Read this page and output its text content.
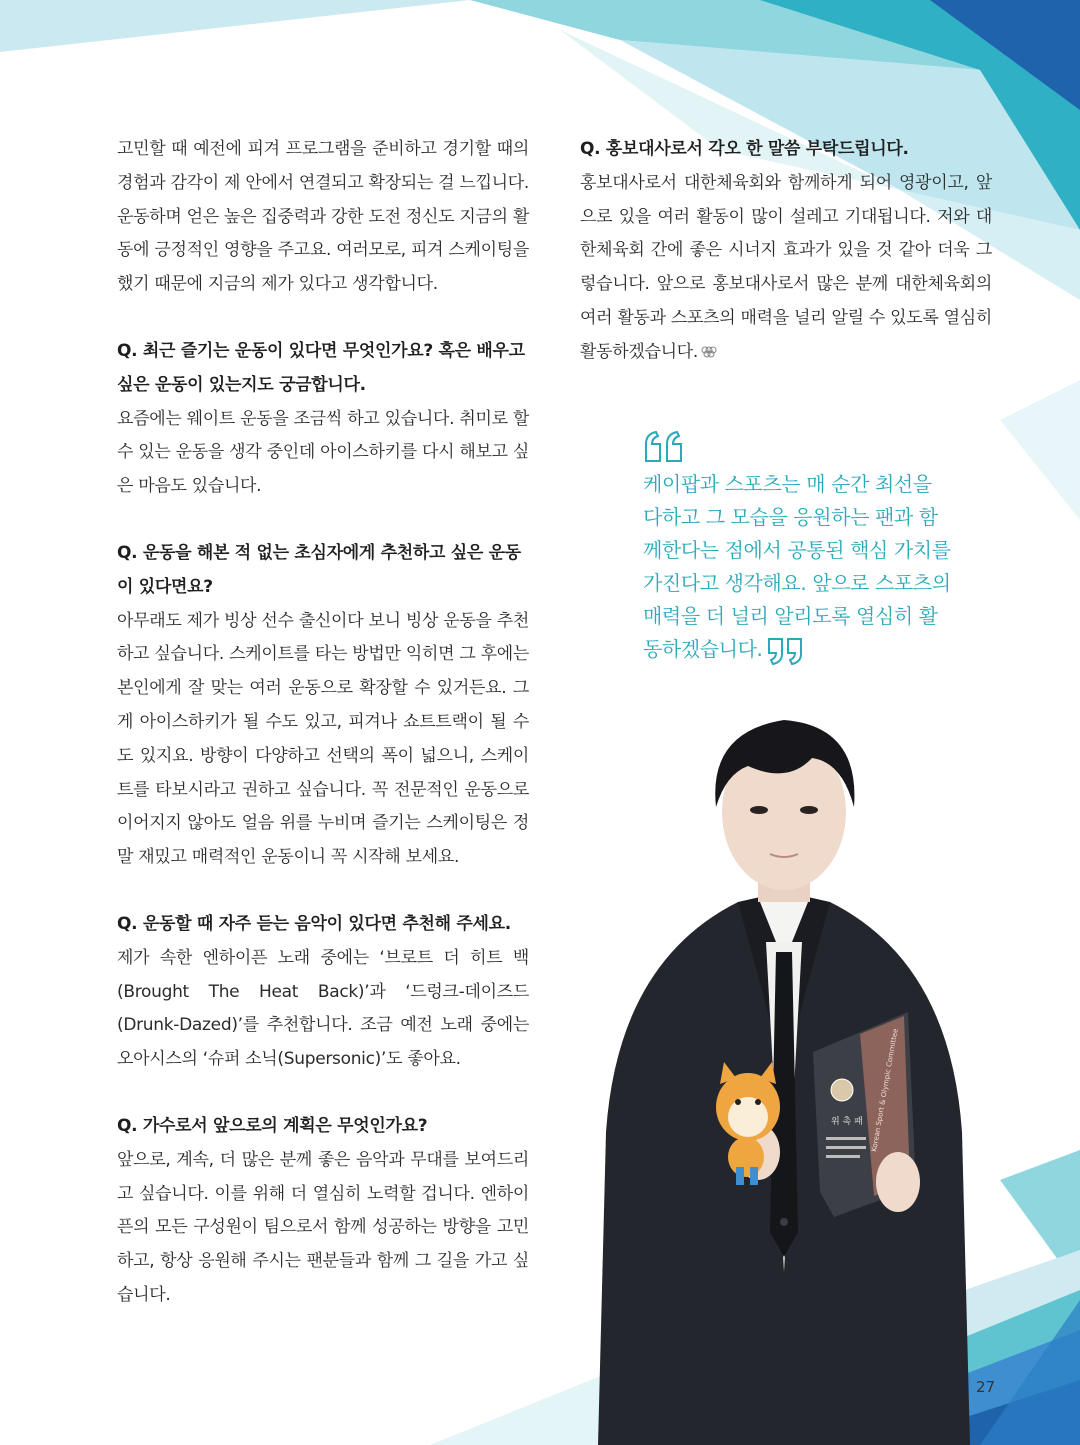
고민할 때 예전에 피겨 프로그램을 준비하고 경기할 때의 경험과 감각이 제 안에서 연결되고 확장되는 걸 느낍니다. 운동하며 얻은 높은 집중력과 강한 도전 정신도 지금의 활동에 긍정적인 영향을 주고요. 여러모로, 피겨 스케이팅을 했기 때문에 지금의 제가 있다고 생각합니다.

Q. 최근 즐기는 운동이 있다면 무엇인가요? 혹은 배우고 싶은 운동이 있는지도 궁금합니다.

요즘에는 웨이트 운동을 조금씩 하고 있습니다. 취미로 할 수 있는 운동을 생각 중인데 아이스하키를 다시 해보고 싶은 마음도 있습니다.

Q. 운동을 해본 적 없는 초심자에게 추천하고 싶은 운동이 있다면요?

아무래도 제가 빙상 선수 출신이다 보니 빙상 운동을 추천하고 싶습니다. 스케이트를 타는 방법만 익히면 그 후에는 본인에게 잘 맞는 여러 운동으로 확장할 수 있거든요. 그게 아이스하키가 될 수도 있고, 피겨나 쇼트트랙이 될 수도 있지요. 방향이 다양하고 선택의 폭이 넓으니, 스케이트를 타보시라고 권하고 싶습니다. 꼭 전문적인 운동으로 이어지지 않아도 얼음 위를 누비며 즐기는 스케이팅은 정말 재밌고 매력적인 운동이니 꼭 시작해 보세요.

Q. 운동할 때 자주 듣는 음악이 있다면 추천해 주세요.

제가 속한 엔하이픈 노래 중에는 ‘브로트 더 히트 백(Brought The Heat Back)’과 ‘드렁크-데이즈드(Drunk-Dazed)’를 추천합니다. 조금 예전 노래 중에는 오아시스의 ‘슈퍼 소닉(Supersonic)’도 좋아요.

Q. 가수로서 앞으로의 계획은 무엇인가요?

앞으로, 계속, 더 많은 분께 좋은 음악과 무대를 보여드리고 싶습니다. 이를 위해 더 열심히 노력할 겁니다. 엔하이픈의 모든 구성원이 팀으로서 함께 성공하는 방향을 고민하고, 항상 응원해 주시는 팬분들과 함께 그 길을 가고 싶습니다.

Q. 홍보대사로서 각오 한 말씀 부탁드립니다.

홍보대사로서 대한체육회와 함께하게 되어 영광이고, 앞으로 있을 여러 활동이 많이 설레고 기대됩니다. 저와 대한체육회 간에 좋은 시너지 효과가 있을 것 같아 더욱 그렇습니다. 앞으로 홍보대사로서 많은 분께 대한체육회의 여러 활동과 스포츠의 매력을 널리 알릴 수 있도록 열심히 활동하겠습니다.

케이팝과 스포츠는 매 순간 최선을 다하고 그 모습을 응원하는 팬과 함께한다는 점에서 공통된 핵심 가치를 가진다고 생각해요. 앞으로 스포츠의 매력을 더 널리 알리도록 열심히 활동하겠습니다.

위 촉 패 Korean Sport & Olympic Committee
27
